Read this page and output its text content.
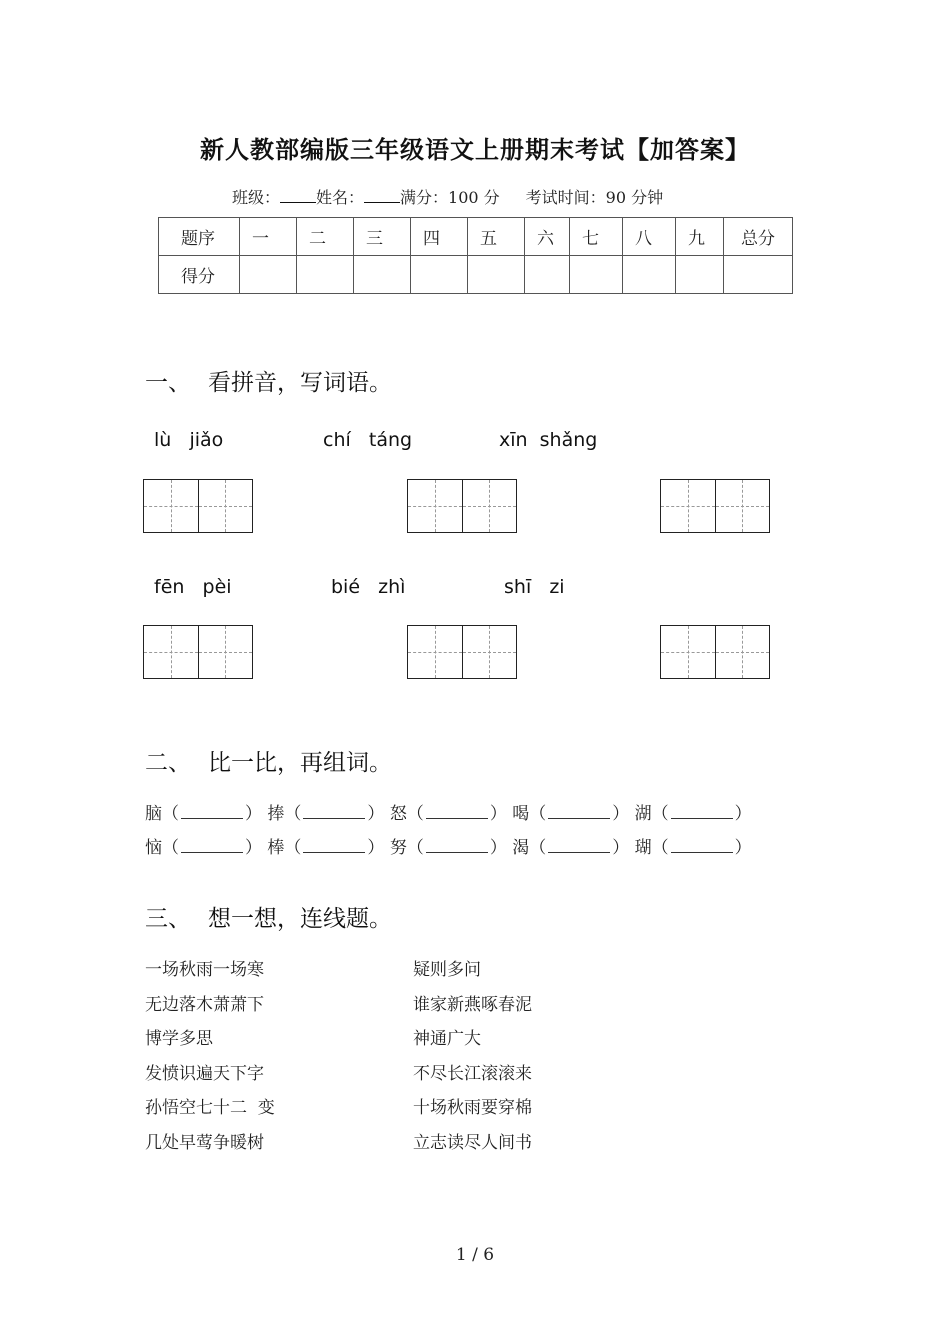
新人教部编版三年级语文上册期末考试【加答案】
班级： 姓名： 满分：100 分 考试时间：90 分钟
题序	一	二	三	四	五	六	七	八	九	总分
得分										
一、 看拼音，写词语。
lù   jiǎo	chí   táng	xīn  shǎng
fēn   pèi	bié   zhì	shī   zi
二、 比一比，再组词。
脑（	） 捧（	） 怒（	） 喝（	） 湖（	）
恼（	） 棒（	） 努（	） 渴（	） 瑚（	）
三、 想一想，连线题。
一场秋雨一场寒
无边落木萧萧下
博学多思
发愤识遍天下字
孙悟空七十二  变
几处早莺争暖树
疑则多问
谁家新燕啄春泥
神通广大
不尽长江滚滚来
十场秋雨要穿棉
立志读尽人间书
1 / 6
